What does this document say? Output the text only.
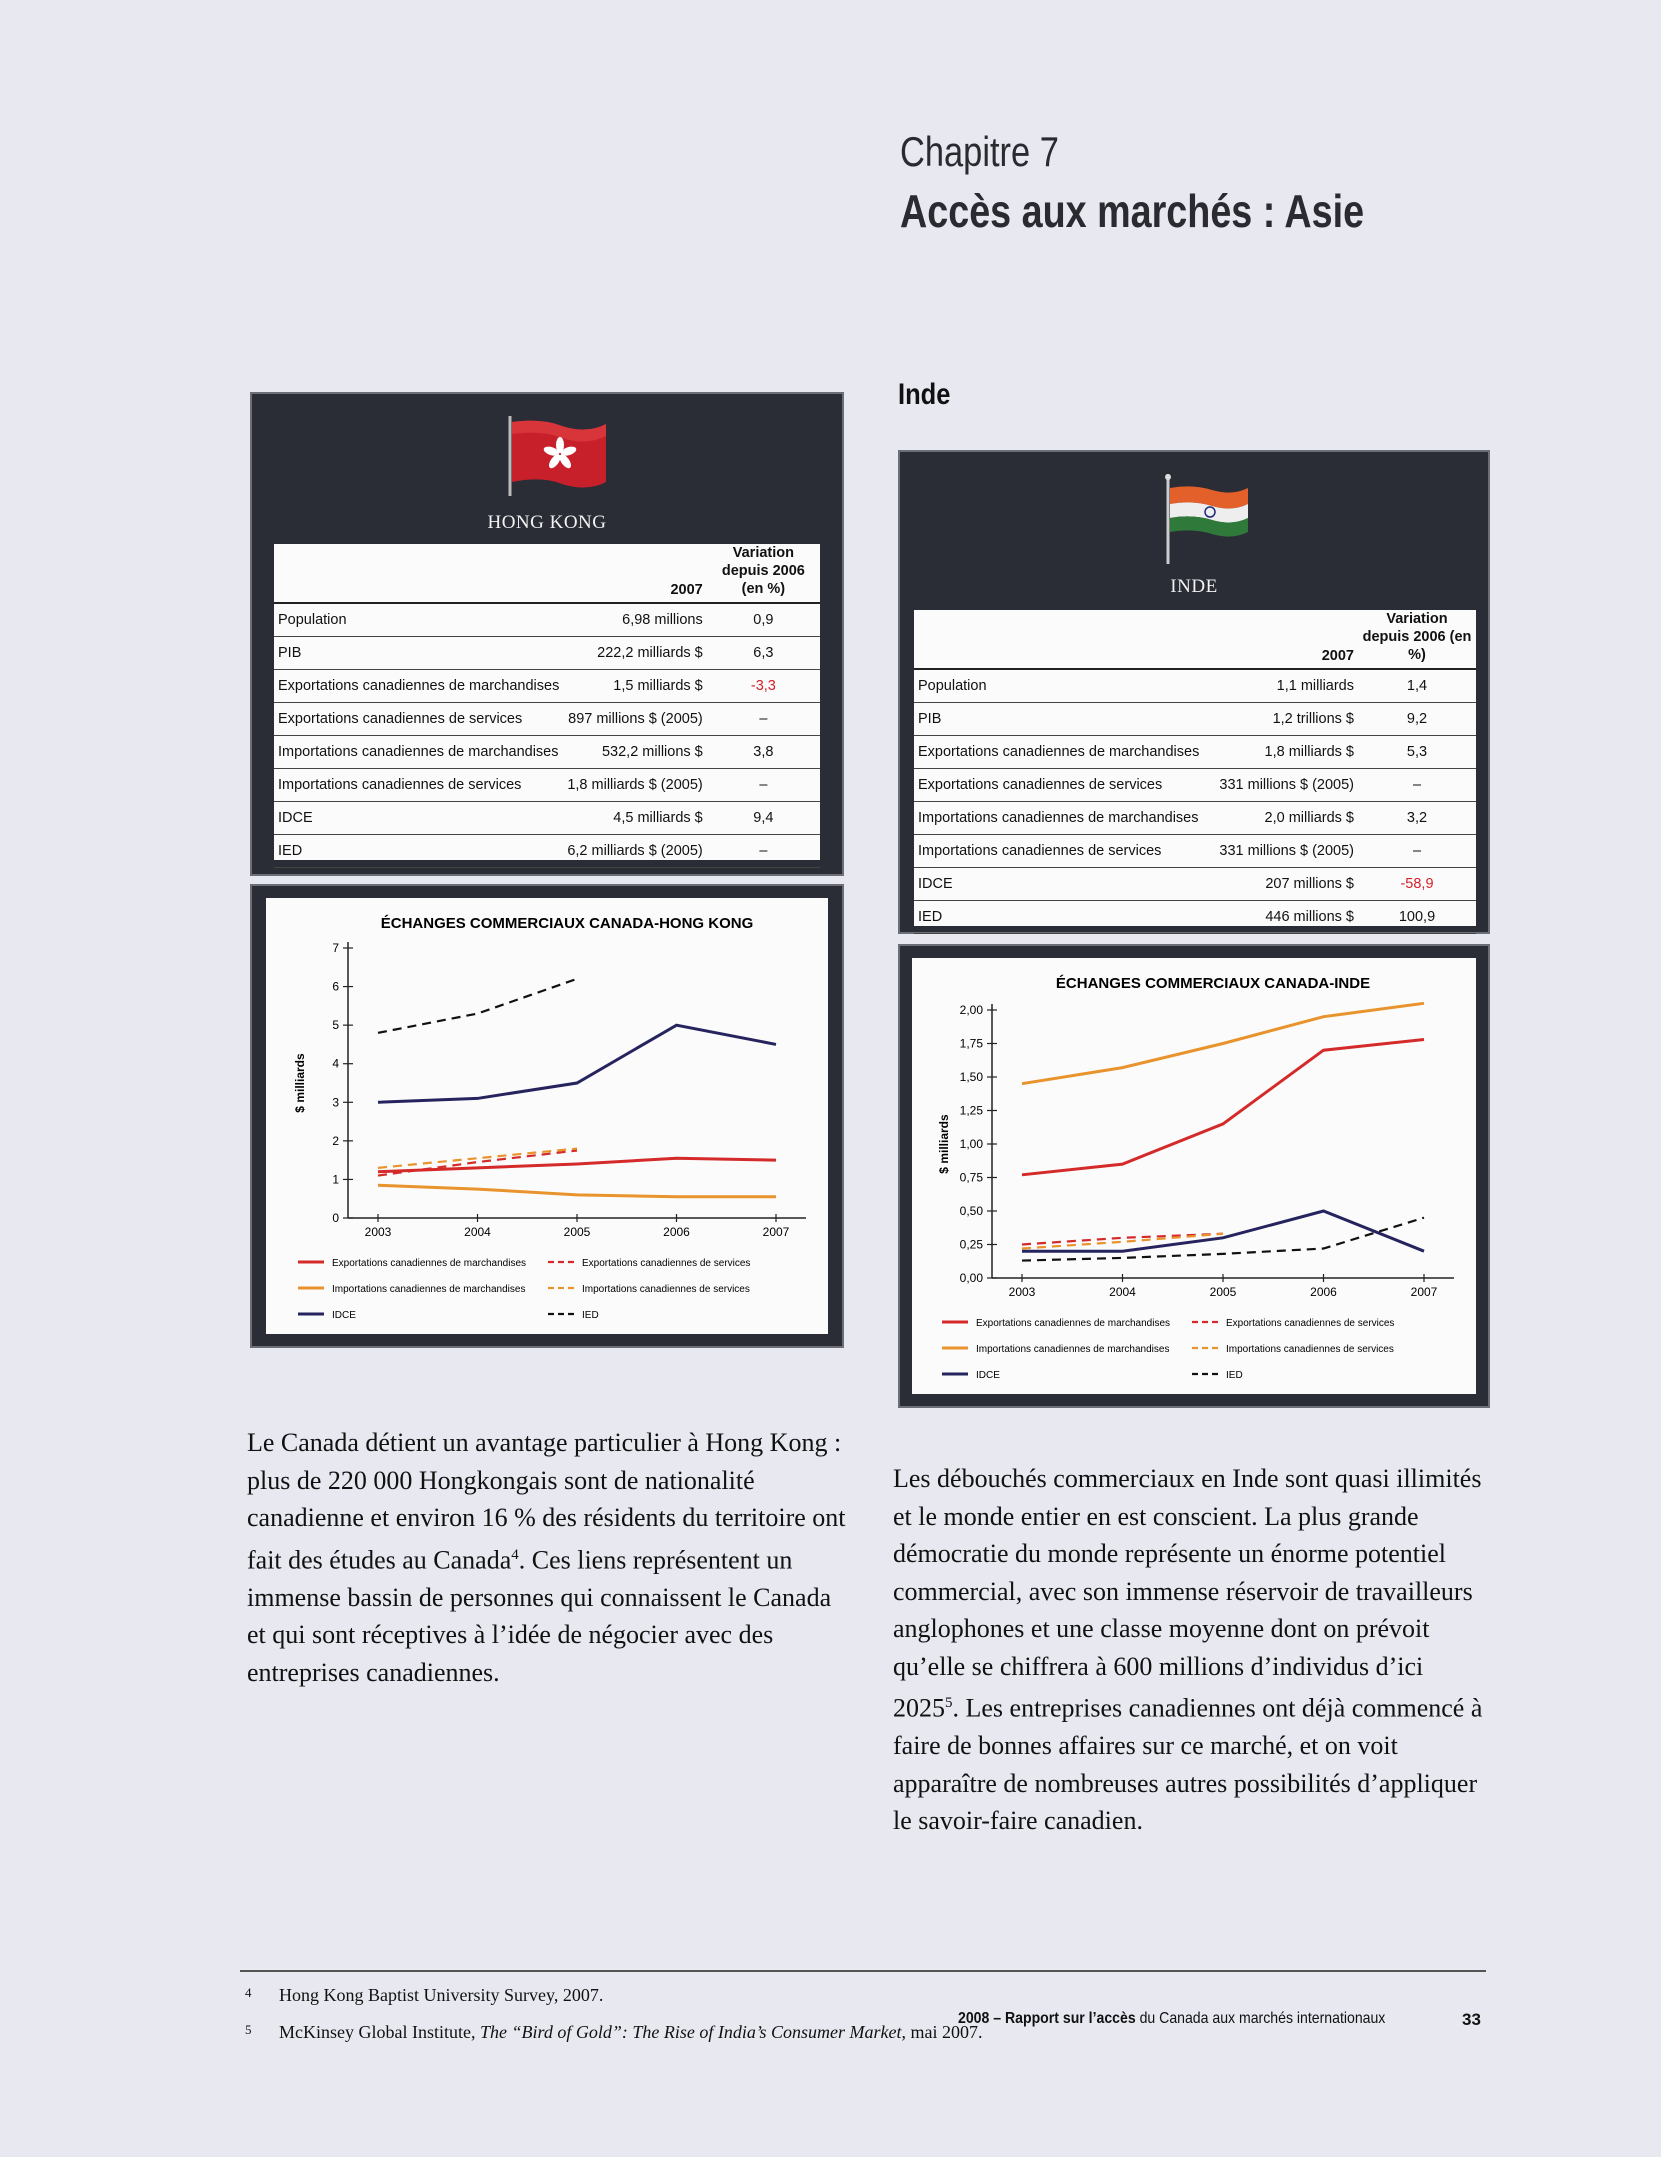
Chapitre 7
Accès aux marchés : Asie
Inde
HONG KONG
	2007	Variation depuis 2006 (en %)
Population	6,98 millions	0,9
PIB	222,2 milliards $	6,3
Exportations canadiennes de marchandises	1,5 milliards $	-3,3
Exportations canadiennes de services	897 millions $ (2005)	–
Importations canadiennes de marchandises	532,2 millions $	3,8
Importations canadiennes de services	1,8 milliards $ (2005)	–
IDCE	4,5 milliards $	9,4
IED	6,2 milliards $ (2005)	–
ÉCHANGES COMMERCIAUX CANADA-HONG KONG
0
1
2
3
4
5
6
7
2003	2004	2005	2006	2007
$ milliards
Exportations canadiennes de marchandises	Exportations canadiennes de services
Importations canadiennes de marchandises	Importations canadiennes de services
IDCE	IED
INDE
	2007	Variation depuis 2006 (en %)
Population	1,1 milliards	1,4
PIB	1,2 trillions $	9,2
Exportations canadiennes de marchandises	1,8 milliards $	5,3
Exportations canadiennes de services	331 millions $ (2005)	–
Importations canadiennes de marchandises	2,0 milliards $	3,2
Importations canadiennes de services	331 millions $ (2005)	–
IDCE	207 millions $	-58,9
IED	446 millions $	100,9
ÉCHANGES COMMERCIAUX CANADA-INDE
0,00
0,25
0,50
0,75
1,00
1,25
1,50
1,75
2,00
2003	2004	2005	2006	2007
$ milliards
Exportations canadiennes de marchandises	Exportations canadiennes de services
Importations canadiennes de marchandises	Importations canadiennes de services
IDCE	IED
Le Canada détient un avantage particulier à Hong Kong : plus de 220 000 Hongkongais sont de nationalité canadienne et environ 16 % des résidents du territoire ont fait des études au Canada$^4$. Ces liens représentent un immense bassin de personnes qui connaissent le Canada et qui sont réceptives à l’idée de négocier avec des entreprises canadiennes.
Les débouchés commerciaux en Inde sont quasi illimités et le monde entier en est conscient. La plus grande démocratie du monde représente un énorme potentiel commercial, avec son immense réservoir de travailleurs anglophones et une classe moyenne dont on prévoit qu’elle se chiffrera à 600 millions d’individus d’ici 2025$^5$. Les entreprises canadiennes ont déjà commencé à faire de bonnes affaires sur ce marché, et on voit apparaître de nombreuses autres possibilités d’appliquer le savoir-faire canadien.
4 Hong Kong Baptist University Survey, 2007.
5 McKinsey Global Institute, The “Bird of Gold”: The Rise of India’s Consumer Market, mai 2007.
2008 – Rapport sur l’accès du Canada aux marchés internationaux	33
